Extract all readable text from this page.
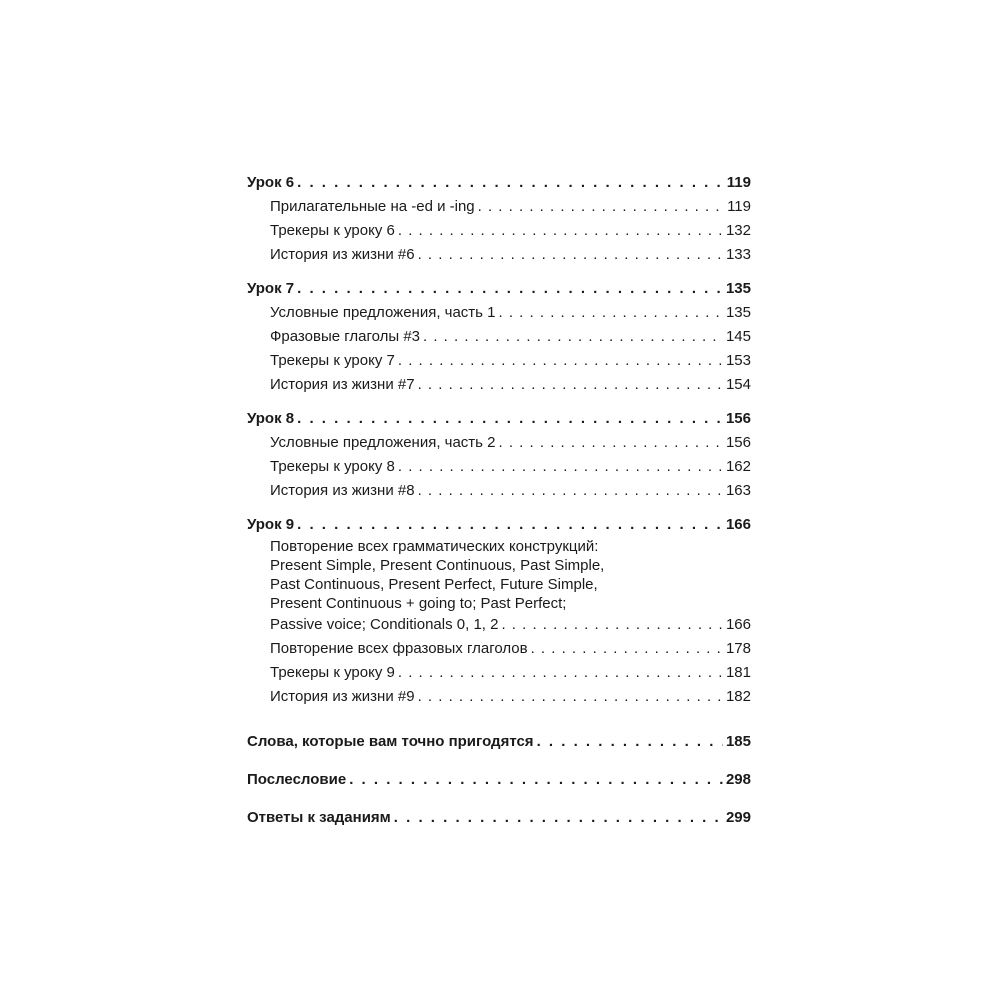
Урок 6 . . .	119
Прилагательные на -ed и -ing . . .	119
Трекеры к уроку 6 . . .	132
История из жизни #6 . . .	133
Урок 7 . . .	135
Условные предложения, часть 1 . . .	135
Фразовые глаголы #3 . . .	145
Трекеры к уроку 7 . . .	153
История из жизни #7 . . .	154
Урок 8 . . .	156
Условные предложения, часть 2 . . .	156
Трекеры к уроку 8 . . .	162
История из жизни #8 . . .	163
Урок 9 . . .	166
Повторение всех грамматических конструкций:
Present Simple, Present Continuous, Past Simple,
Past Continuous, Present Perfect, Future Simple,
Present Continuous + going to; Past Perfect;
Passive voice; Conditionals 0, 1, 2 . . .	166
Повторение всех фразовых глаголов . . .	178
Трекеры к уроку 9 . . .	181
История из жизни #9 . . .	182
Слова, которые вам точно пригодятся . . .	185
Послесловие . . .	298
Ответы к заданиям . . .	299
